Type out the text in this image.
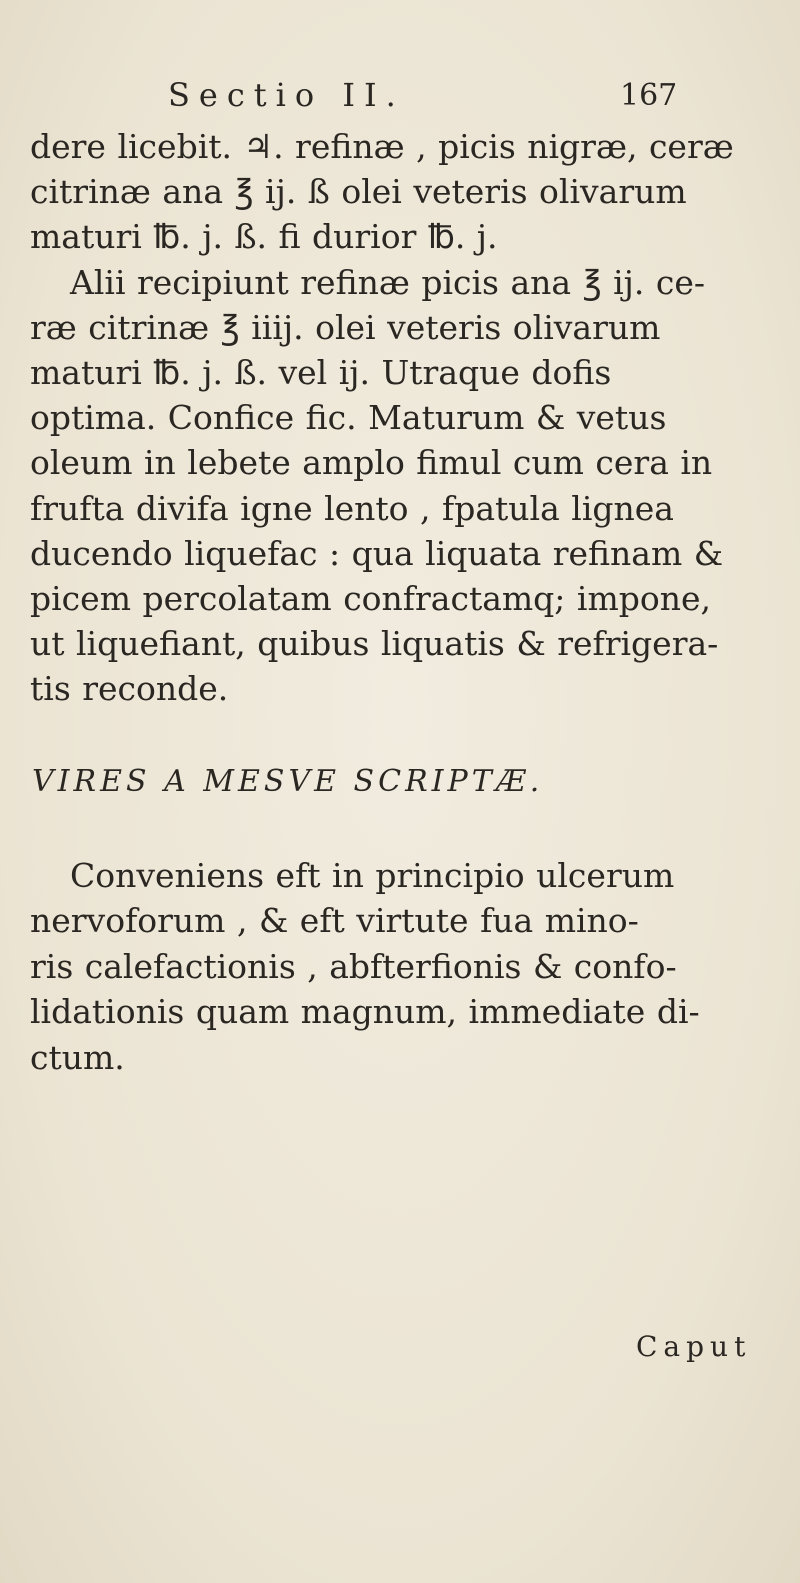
Sectio II.	167
dere licebit. ♃. refinæ , picis nigræ, ceræ
citrinæ ana ℥ ij. ß olei veteris olivarum
maturi ℔. j. ß. fi durior ℔. j.
Alii recipiunt refinæ picis ana ℥ ij. ce-
ræ citrinæ ℥ iiij. olei veteris olivarum
maturi ℔. j. ß. vel ij. Utraque dofis
optima. Confice fic. Maturum & vetus
oleum in lebete amplo fimul cum cera in
frufta divifa igne lento , fpatula lignea
ducendo liquefac : qua liquata refinam &
picem percolatam confractamq; impone,
ut liquefiant, quibus liquatis & refrigera-
tis reconde.
VIRES A MESVE SCRIPTÆ.
Conveniens eft in principio ulcerum
nervoforum , & eft virtute fua mino-
ris calefactionis , abfterfionis & confo-
lidationis quam magnum, immediate di-
ctum.
Caput
